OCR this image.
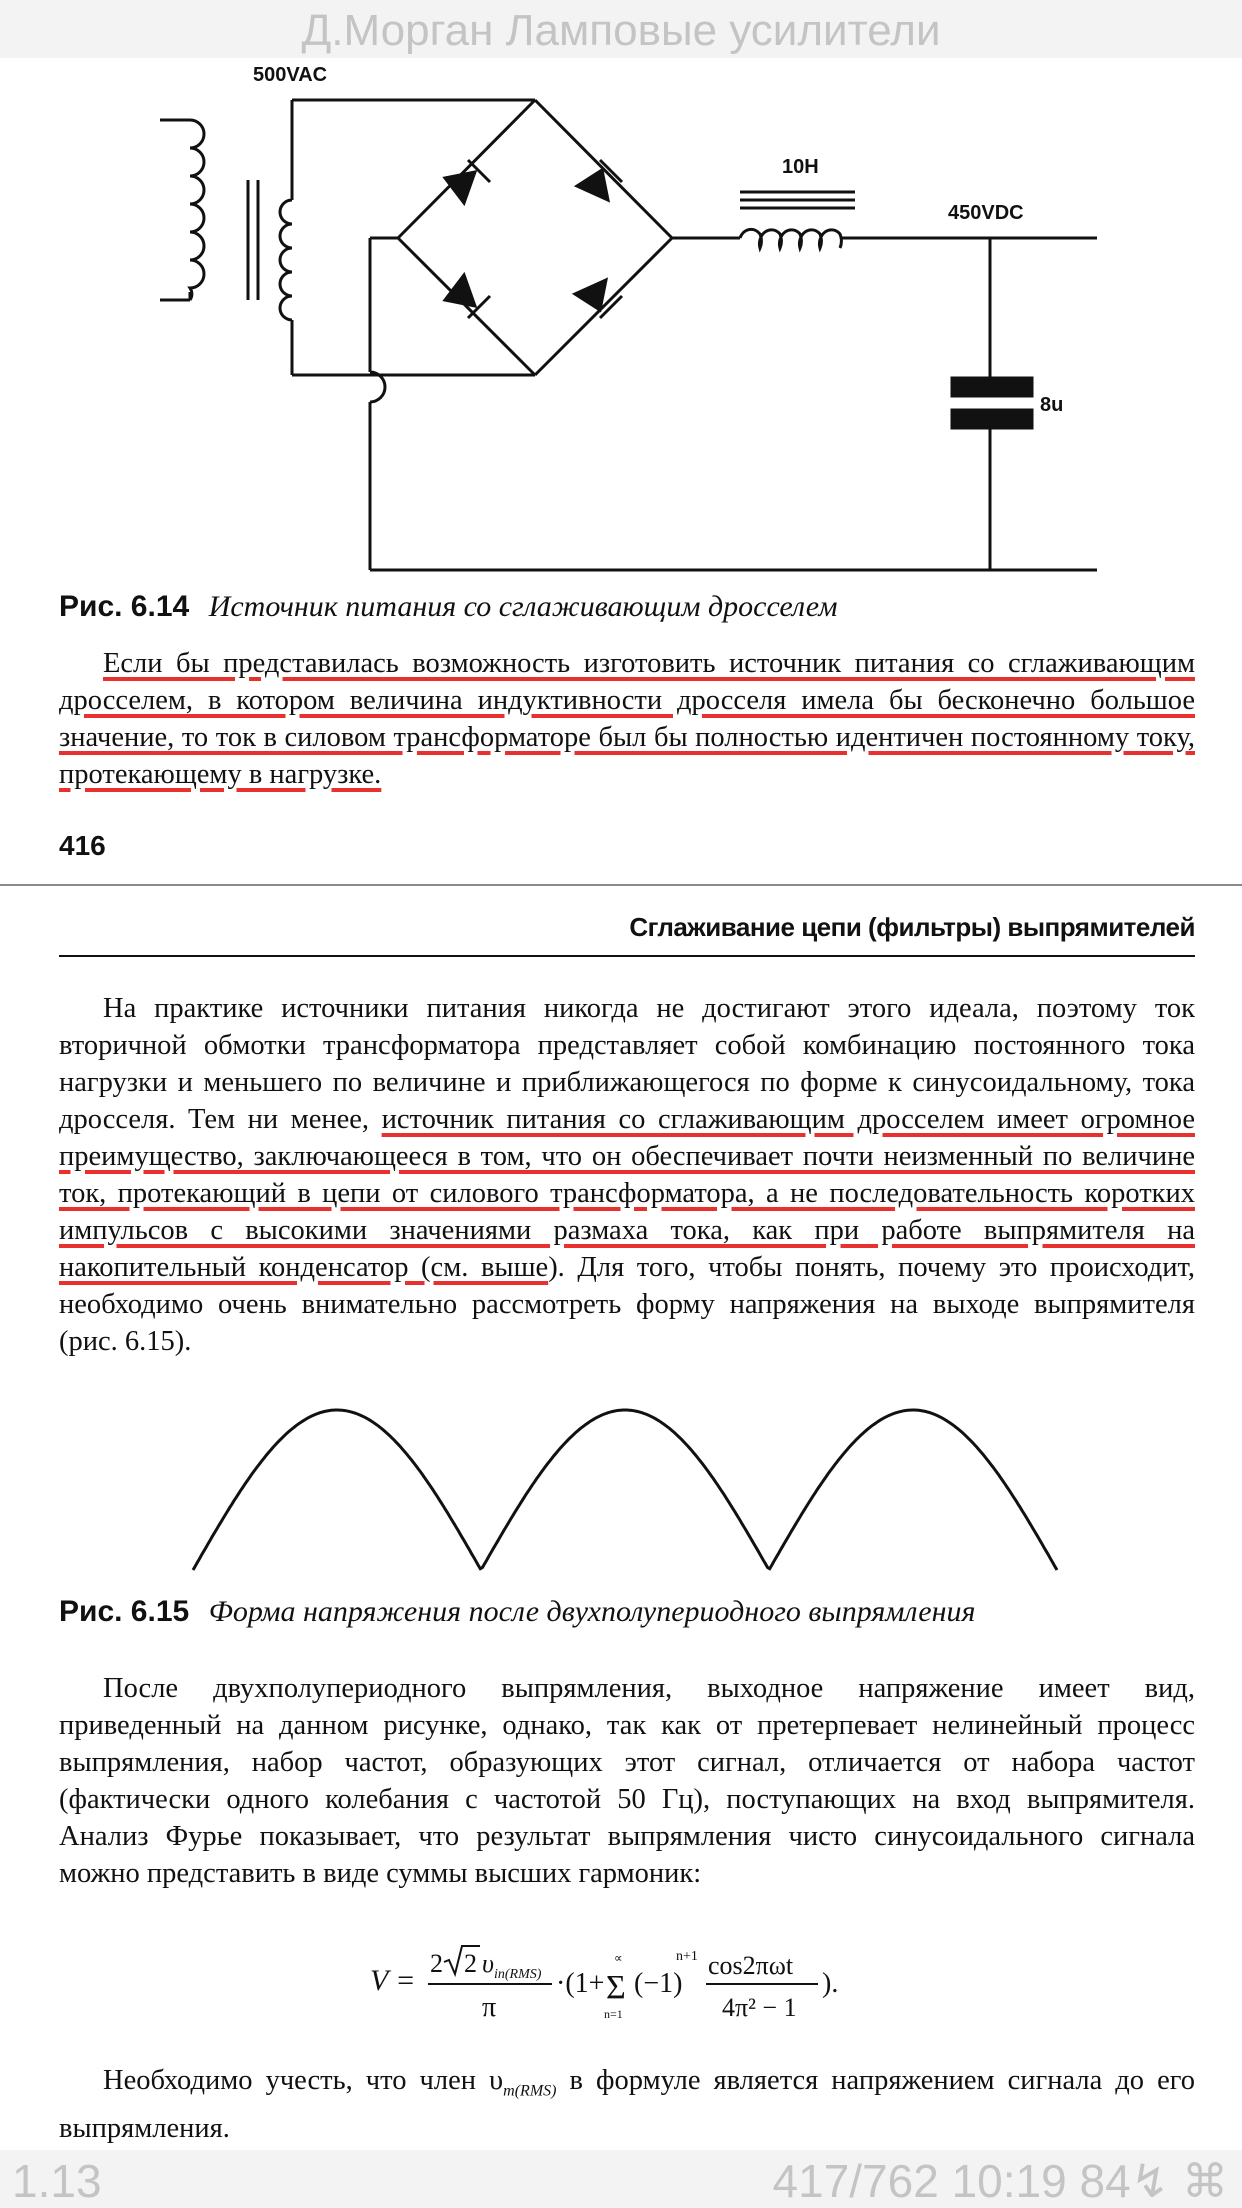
Д.Морган Ламповые усилители
500VAC
10H
450VDC
8u
Рис. 6.14 Источник питания со сглаживающим дросселем
Если бы представилась возможность изготовить источник питания со сглаживающим дросселем, в котором величина индуктивности дросселя имела бы бесконечно большое значение, то ток в силовом трансформаторе был бы полностью идентичен постоянному току, протекающему в нагрузке.
416
Сглаживание цепи (фильтры) выпрямителей
На практике источники питания никогда не достигают этого идеала, поэтому ток вторичной обмотки трансформатора представляет собой комбинацию постоянного тока нагрузки и меньшего по величине и приближающегося по форме к синусоидальному, тока дросселя. Тем ни менее, источник питания со сглаживающим дросселем имеет огромное преимущество, заключающееся в том, что он обеспечивает почти неизменный по величине ток, протекающий в цепи от силового трансформатора, а не последовательность коротких импульсов с высокими значениями размаха тока, как при работе выпрямителя на накопительный конденсатор (см. выше). Для того, чтобы понять, почему это происходит, необходимо очень внимательно рассмотреть форму напряжения на выходе выпрямителя (рис. 6.15).
Рис. 6.15 Форма напряжения после двухполупериодного выпрямления
После двухполупериодного выпрямления, выходное напряжение имеет вид, приведенный на данном рисунке, однако, так как от претерпевает нелинейный процесс выпрямления, набор частот, образующих этот сигнал, отличается от набора частот (фактически одного колебания с частотой 50 Гц), поступающих на вход выпрямителя. Анализ Фурье показывает, что результат выпрямления чисто синусоидального сигнала можно представить в виде суммы высших гармоник:
V =
2 2 υ in(RMS)
π
·(1+
∝
Σ
n=1
(−1)
n+1 cos2πωt
4π² − 1
).
Необходимо учесть, что член $\upsilon_{m(RMS)}$ в формуле является напряжением сигнала до его выпрямления.
1.13	417/762 10:19 84↯ ⌘
